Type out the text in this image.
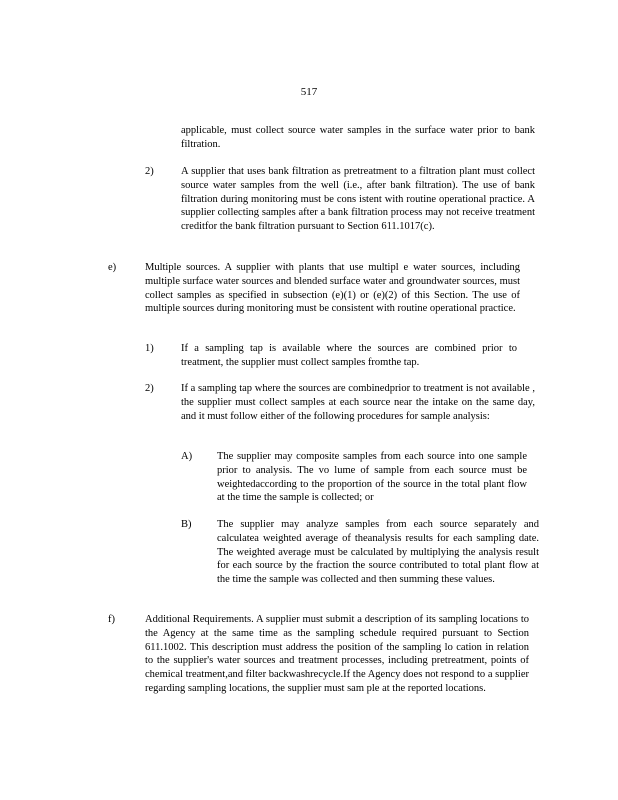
517

applicable, must collect source water samples in the surface water prior to bank filtration.

2)	A supplier that uses bank filtration as pretreatment to a filtration plant must collect source water samples from the well (i.e., after bank filtration). The use of bank filtration during monitoring must be cons istent with routine operational practice. A supplier collecting samples after a bank filtration process may not receive treatment creditfor the bank filtration pursuant to Section 611.1017(c).

e)	Multiple sources. A supplier with plants that use multipl e water sources, including multiple surface water sources and blended surface water and groundwater sources, must collect samples as specified in subsection (e)(1) or (e)(2) of this Section. The use of multiple sources during monitoring must be consistent with routine operational practice.

1)	If a sampling tap is available where the sources are combined prior to treatment, the supplier must collect samples fromthe tap.

2)	If a sampling tap where the sources are combinedprior to treatment is not available , the supplier must collect samples at each source near the intake on the same day, and it must follow either of the following procedures for sample analysis:

A) The supplier may composite samples from each source into one sample prior to analysis. The vo lume of sample from each source must be weightedaccording to the proportion of the source in the total plant flow at the time the sample is collected; or

B) The supplier may analyze samples from each source separately and calculatea weighted average of theanalysis results for each sampling date. The weighted average must be calculated by multiplying the analysis result for each source by the fraction the source contributed to total plant flow at the time the sample was collected and then summing these values.

f)	Additional Requirements. A supplier must submit a description of its sampling locations to the Agency at the same time as the sampling schedule required pursuant to Section 611.1002. This description must address the position of the sampling lo cation in relation to the supplier's water sources and treatment processes, including pretreatment, points of chemical treatment,and filter backwashrecycle.If the Agency does not respond to a supplier regarding sampling locations, the supplier must sam ple at the reported locations.
